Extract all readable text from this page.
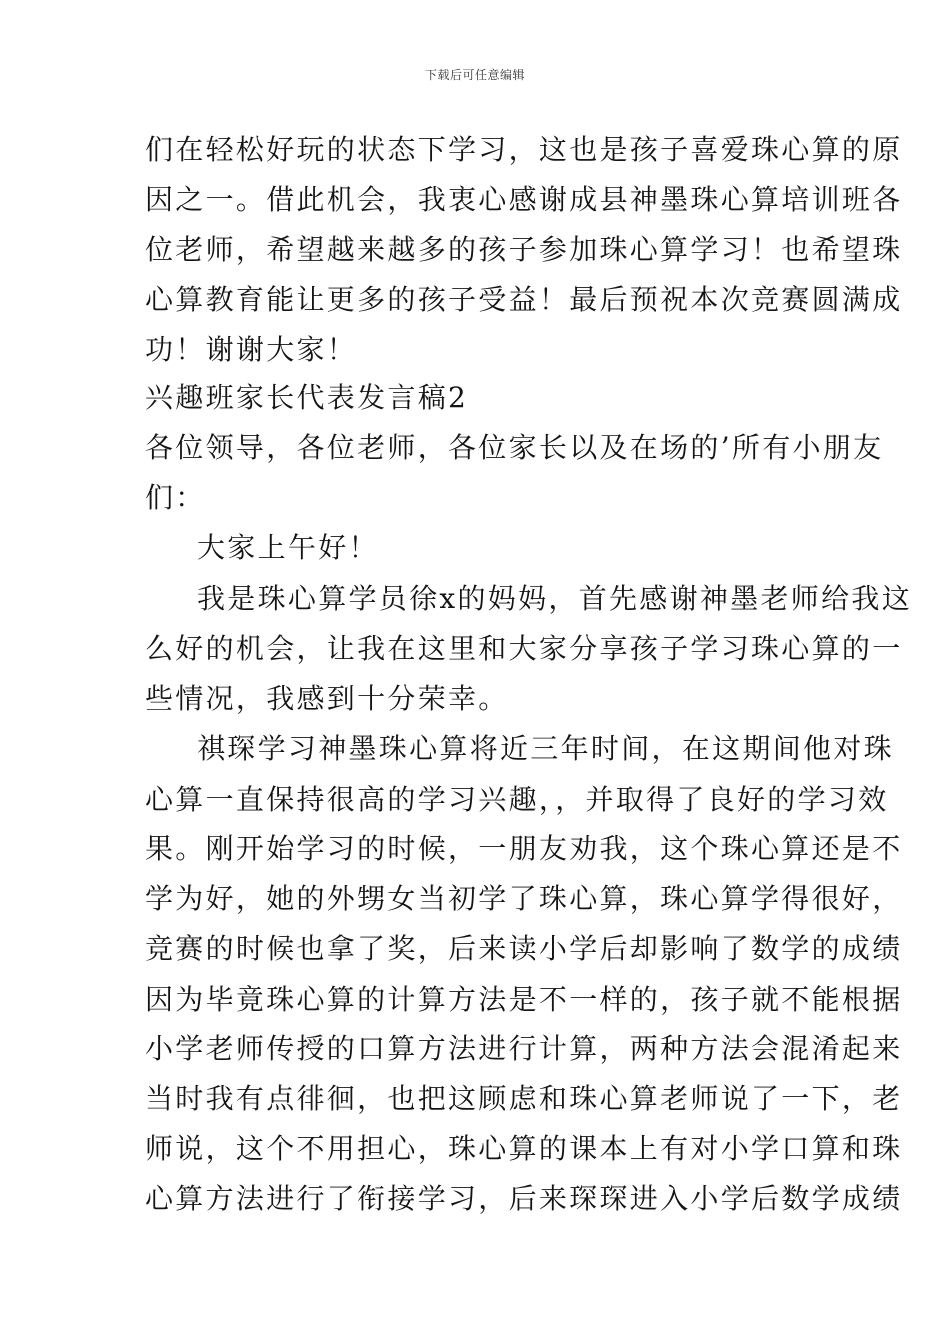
下载后可任意编辑
们在轻松好玩的状态下学习，这也是孩子喜爱珠心算的原
因之一。借此机会，我衷心感谢成县神墨珠心算培训班各
位老师，希望越来越多的孩子参加珠心算学习！也希望珠
心算教育能让更多的孩子受益！最后预祝本次竞赛圆满成
功！谢谢大家！
兴趣班家长代表发言稿2
各位领导，各位老师，各位家长以及在场的’所有小朋友
们：
大家上午好！
我是珠心算学员徐x的妈妈，首先感谢神墨老师给我这
么好的机会，让我在这里和大家分享孩子学习珠心算的一
些情况，我感到十分荣幸。
祺琛学习神墨珠心算将近三年时间，在这期间他对珠
心算一直保持很高的学习兴趣，，并取得了良好的学习效
果。刚开始学习的时候，一朋友劝我，这个珠心算还是不
学为好，她的外甥女当初学了珠心算，珠心算学得很好，
竞赛的时候也拿了奖，后来读小学后却影响了数学的成绩
因为毕竟珠心算的计算方法是不一样的，孩子就不能根据
小学老师传授的口算方法进行计算，两种方法会混淆起来
当时我有点徘徊，也把这顾虑和珠心算老师说了一下，老
师说，这个不用担心，珠心算的课本上有对小学口算和珠
心算方法进行了衔接学习，后来琛琛进入小学后数学成绩
